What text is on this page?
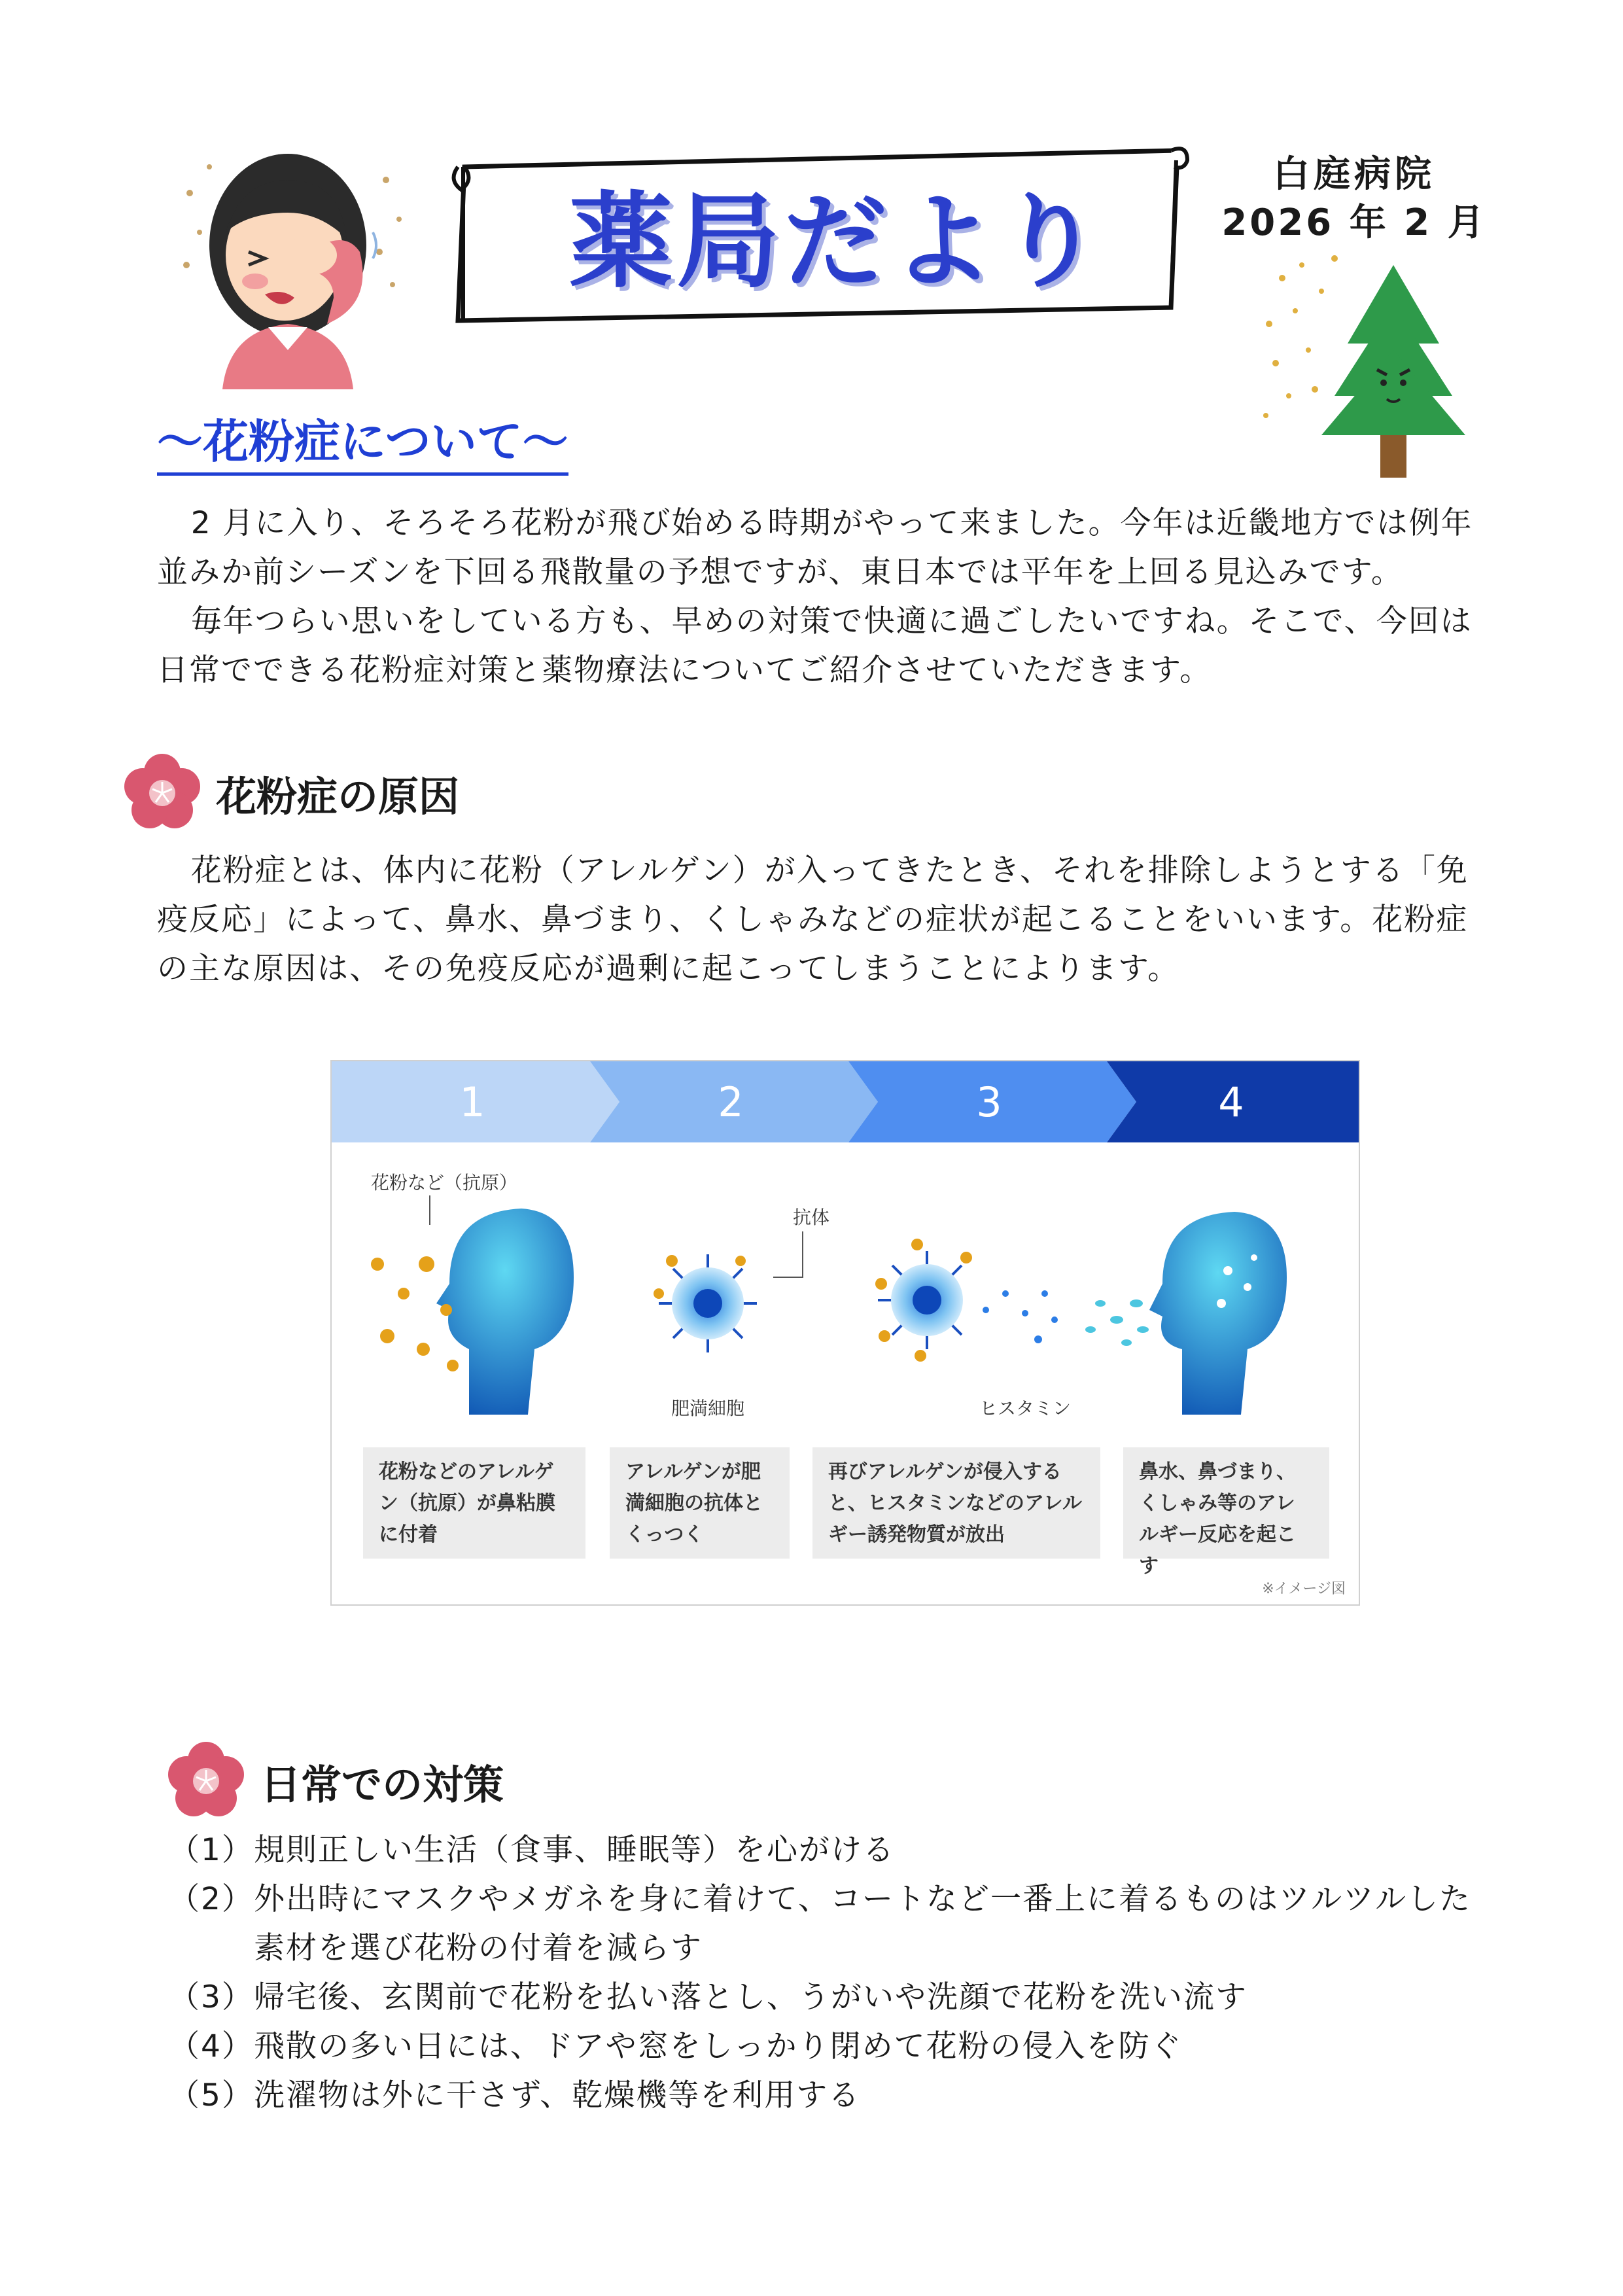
薬局だより
白庭病院
2026 年 2 月
～花粉症について～

2 月に入り、そろそろ花粉が飛び始める時期がやって来ました。今年は近畿地方では例年並みか前シーズンを下回る飛散量の予想ですが、東日本では平年を上回る見込みです。

毎年つらい思いをしている方も、早めの対策で快適に過ごしたいですね。そこで、今回は日常でできる花粉症対策と薬物療法についてご紹介させていただきます。

花粉症の原因

花粉症とは、体内に花粉（アレルゲン）が入ってきたとき、それを排除しようとする「免疫反応」によって、鼻水、鼻づまり、くしゃみなどの症状が起こることをいいます。花粉症の主な原因は、その免疫反応が過剰に起こってしまうことによります。

1	2	3	4
花粉など（抗原）
抗体
肥満細胞	ヒスタミン
花粉などのアレルゲン（抗原）が鼻粘膜に付着
アレルゲンが肥満細胞の抗体とくっつく
再びアレルゲンが侵入すると、ヒスタミンなどのアレルギー誘発物質が放出
鼻水、鼻づまり、くしゃみ等のアレルギー反応を起こす
※イメージ図
日常での対策
（1） 規則正しい生活（食事、睡眠等）を心がける
（2） 外出時にマスクやメガネを身に着けて、コートなど一番上に着るものはツルツルした素材を選び花粉の付着を減らす
（3） 帰宅後、玄関前で花粉を払い落とし、うがいや洗顔で花粉を洗い流す
（4） 飛散の多い日には、ドアや窓をしっかり閉めて花粉の侵入を防ぐ
（5） 洗濯物は外に干さず、乾燥機等を利用する
